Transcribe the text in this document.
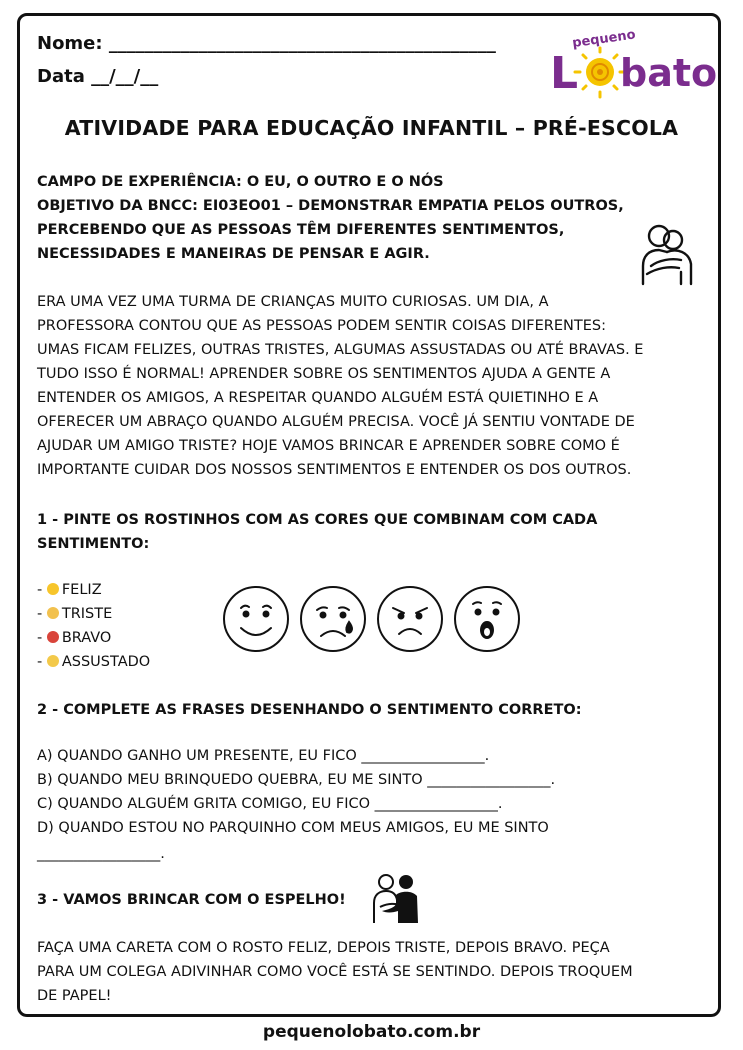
Nome: ___________________________________________
Data __/__/__
pequeno
L bato
ATIVIDADE PARA EDUCAÇÃO INFANTIL – PRÉ-ESCOLA
CAMPO DE EXPERIÊNCIA: O EU, O OUTRO E O NÓS
OBJETIVO DA BNCC: EI03EO01 – DEMONSTRAR EMPATIA PELOS OUTROS,
PERCEBENDO QUE AS PESSOAS TÊM DIFERENTES SENTIMENTOS,
NECESSIDADES E MANEIRAS DE PENSAR E AGIR.
ERA UMA VEZ UMA TURMA DE CRIANÇAS MUITO CURIOSAS. UM DIA, A
PROFESSORA CONTOU QUE AS PESSOAS PODEM SENTIR COISAS DIFERENTES:
UMAS FICAM FELIZES, OUTRAS TRISTES, ALGUMAS ASSUSTADAS OU ATÉ BRAVAS. E
TUDO ISSO É NORMAL! APRENDER SOBRE OS SENTIMENTOS AJUDA A GENTE A
ENTENDER OS AMIGOS, A RESPEITAR QUANDO ALGUÉM ESTÁ QUIETINHO E A
OFERECER UM ABRAÇO QUANDO ALGUÉM PRECISA. VOCÊ JÁ SENTIU VONTADE DE
AJUDAR UM AMIGO TRISTE? HOJE VAMOS BRINCAR E APRENDER SOBRE COMO É
IMPORTANTE CUIDAR DOS NOSSOS SENTIMENTOS E ENTENDER OS DOS OUTROS.
1 - PINTE OS ROSTINHOS COM AS CORES QUE COMBINAM COM CADA
SENTIMENTO:
- FELIZ
- TRISTE
- BRAVO
- ASSUSTADO
2 - COMPLETE AS FRASES DESENHANDO O SENTIMENTO CORRETO:
A) QUANDO GANHO UM PRESENTE, EU FICO _________________.
B) QUANDO MEU BRINQUEDO QUEBRA, EU ME SINTO _________________.
C) QUANDO ALGUÉM GRITA COMIGO, EU FICO _________________.
D) QUANDO ESTOU NO PARQUINHO COM MEUS AMIGOS, EU ME SINTO
_________________.
3 - VAMOS BRINCAR COM O ESPELHO!
FAÇA UMA CARETA COM O ROSTO FELIZ, DEPOIS TRISTE, DEPOIS BRAVO. PEÇA
PARA UM COLEGA ADIVINHAR COMO VOCÊ ESTÁ SE SENTINDO. DEPOIS TROQUEM
DE PAPEL!
pequenolobato.com.br
